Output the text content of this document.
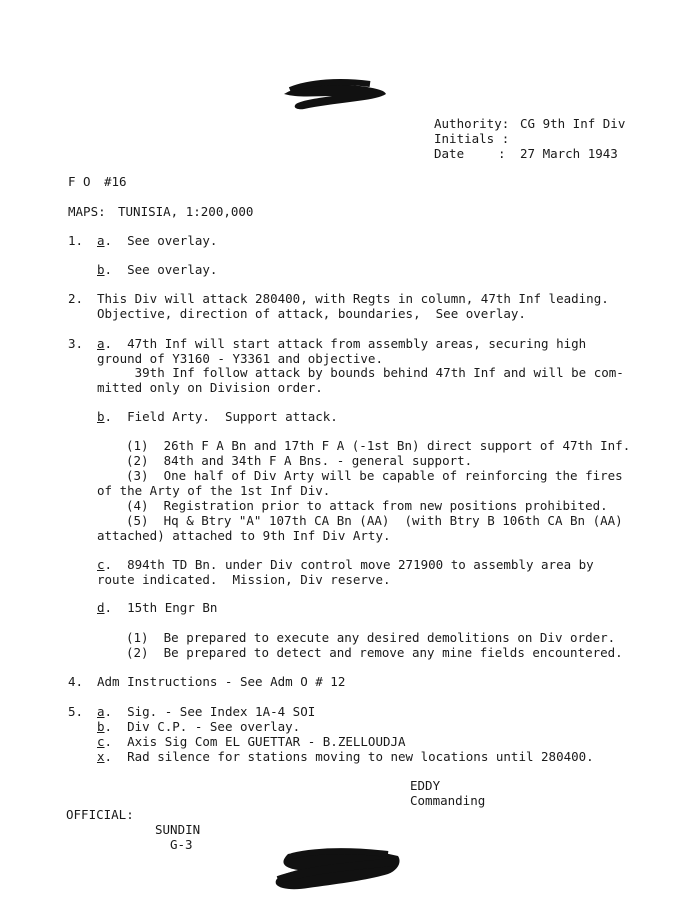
Authority: CG 9th Inf Div
Initials :
Date	: 27 March 1943
F O #16
MAPS: TUNISIA, 1:200,000
1. a.  See overlay.
b.  See overlay.
2. This Div will attack 280400, with Regts in column, 47th Inf leading.
Objective, direction of attack, boundaries,  See overlay.
3. a.  47th Inf will start attack from assembly areas, securing high
ground of Y3160 - Y3361 and objective.
39th Inf follow attack by bounds behind 47th Inf and will be com-
mitted only on Division order.
b.  Field Arty.  Support attack.
(1)  26th F A Bn and 17th F A (-1st Bn) direct support of 47th Inf.
(2)  84th and 34th F A Bns. - general support.
(3)  One half of Div Arty will be capable of reinforcing the fires
of the Arty of the 1st Inf Div.
(4)  Registration prior to attack from new positions prohibited.
(5)  Hq & Btry "A" 107th CA Bn (AA)  (with Btry B 106th CA Bn (AA)
attached) attached to 9th Inf Div Arty.
c.  894th TD Bn. under Div control move 271900 to assembly area by
route indicated.  Mission, Div reserve.
d.  15th Engr Bn
(1)  Be prepared to execute any desired demolitions on Div order.
(2)  Be prepared to detect and remove any mine fields encountered.
4. Adm Instructions - See Adm O # 12
5. a.  Sig. - See Index 1A-4 SOI
b.  Div C.P. - See overlay.
c.  Axis Sig Com EL GUETTAR - B.ZELLOUDJA
x.  Rad silence for stations moving to new locations until 280400.
EDDY
Commanding
OFFICIAL:
SUNDIN
G-3
